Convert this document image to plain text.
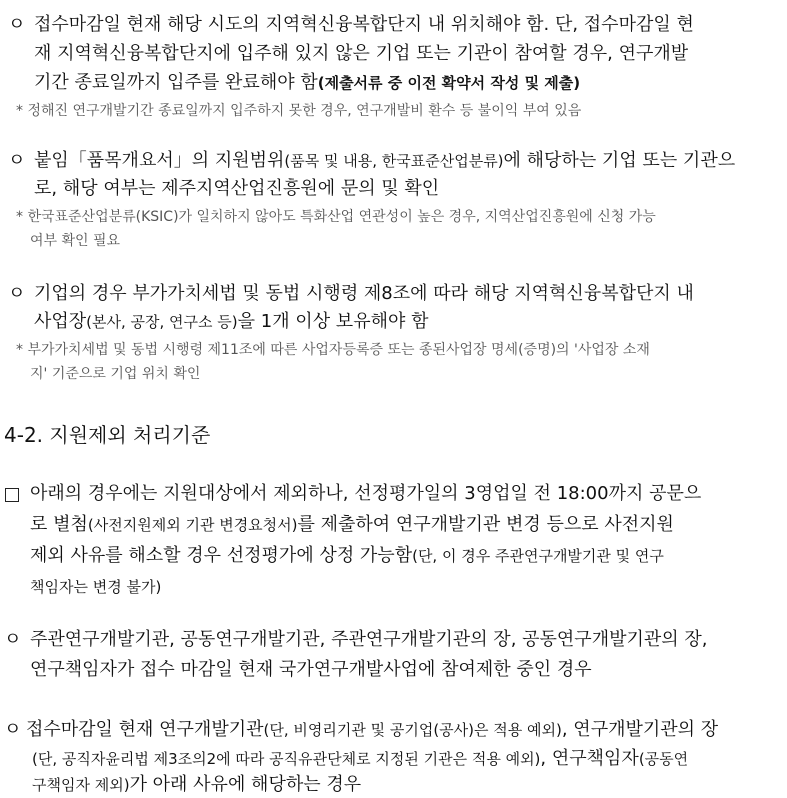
ㅇ 접수마감일 현재 해당 시도의 지역혁신융복합단지 내 위치해야 함. 단, 접수마감일 현
재 지역혁신융복합단지에 입주해 있지 않은 기업 또는 기관이 참여할 경우, 연구개발
기간 종료일까지 입주를 완료해야 함(제출서류 중 이전 확약서 작성 및 제출)
* 정해진 연구개발기간 종료일까지 입주하지 못한 경우, 연구개발비 환수 등 불이익 부여 있음
ㅇ 붙임「품목개요서」의 지원범위(품목 및 내용, 한국표준산업분류)에 해당하는 기업 또는 기관으
로, 해당 여부는 제주지역산업진흥원에 문의 및 확인
* 한국표준산업분류(KSIC)가 일치하지 않아도 특화산업 연관성이 높은 경우, 지역산업진흥원에 신청 가능
여부 확인 필요
ㅇ 기업의 경우 부가가치세법 및 동법 시행령 제8조에 따라 해당 지역혁신융복합단지 내
사업장(본사, 공장, 연구소 등)을 1개 이상 보유해야 함
* 부가가치세법 및 동법 시행령 제11조에 따른 사업자등록증 또는 종된사업장 명세(증명)의 '사업장 소재
지' 기준으로 기업 위치 확인
4-2. 지원제외 처리기준
아래의 경우에는 지원대상에서 제외하나, 선정평가일의 3영업일 전 18:00까지 공문으
로 별첨(사전지원제외 기관 변경요청서)를 제출하여 연구개발기관 변경 등으로 사전지원
제외 사유를 해소할 경우 선정평가에 상정 가능함(단, 이 경우 주관연구개발기관 및 연구
책임자는 변경 불가)
ㅇ 주관연구개발기관, 공동연구개발기관, 주관연구개발기관의 장, 공동연구개발기관의 장,
연구책임자가 접수 마감일 현재 국가연구개발사업에 참여제한 중인 경우
ㅇ 접수마감일 현재 연구개발기관(단, 비영리기관 및 공기업(공사)은 적용 예외), 연구개발기관의 장
(단, 공직자윤리법 제3조의2에 따라 공직유관단체로 지정된 기관은 적용 예외), 연구책임자(공동연
구책임자 제외)가 아래 사유에 해당하는 경우
